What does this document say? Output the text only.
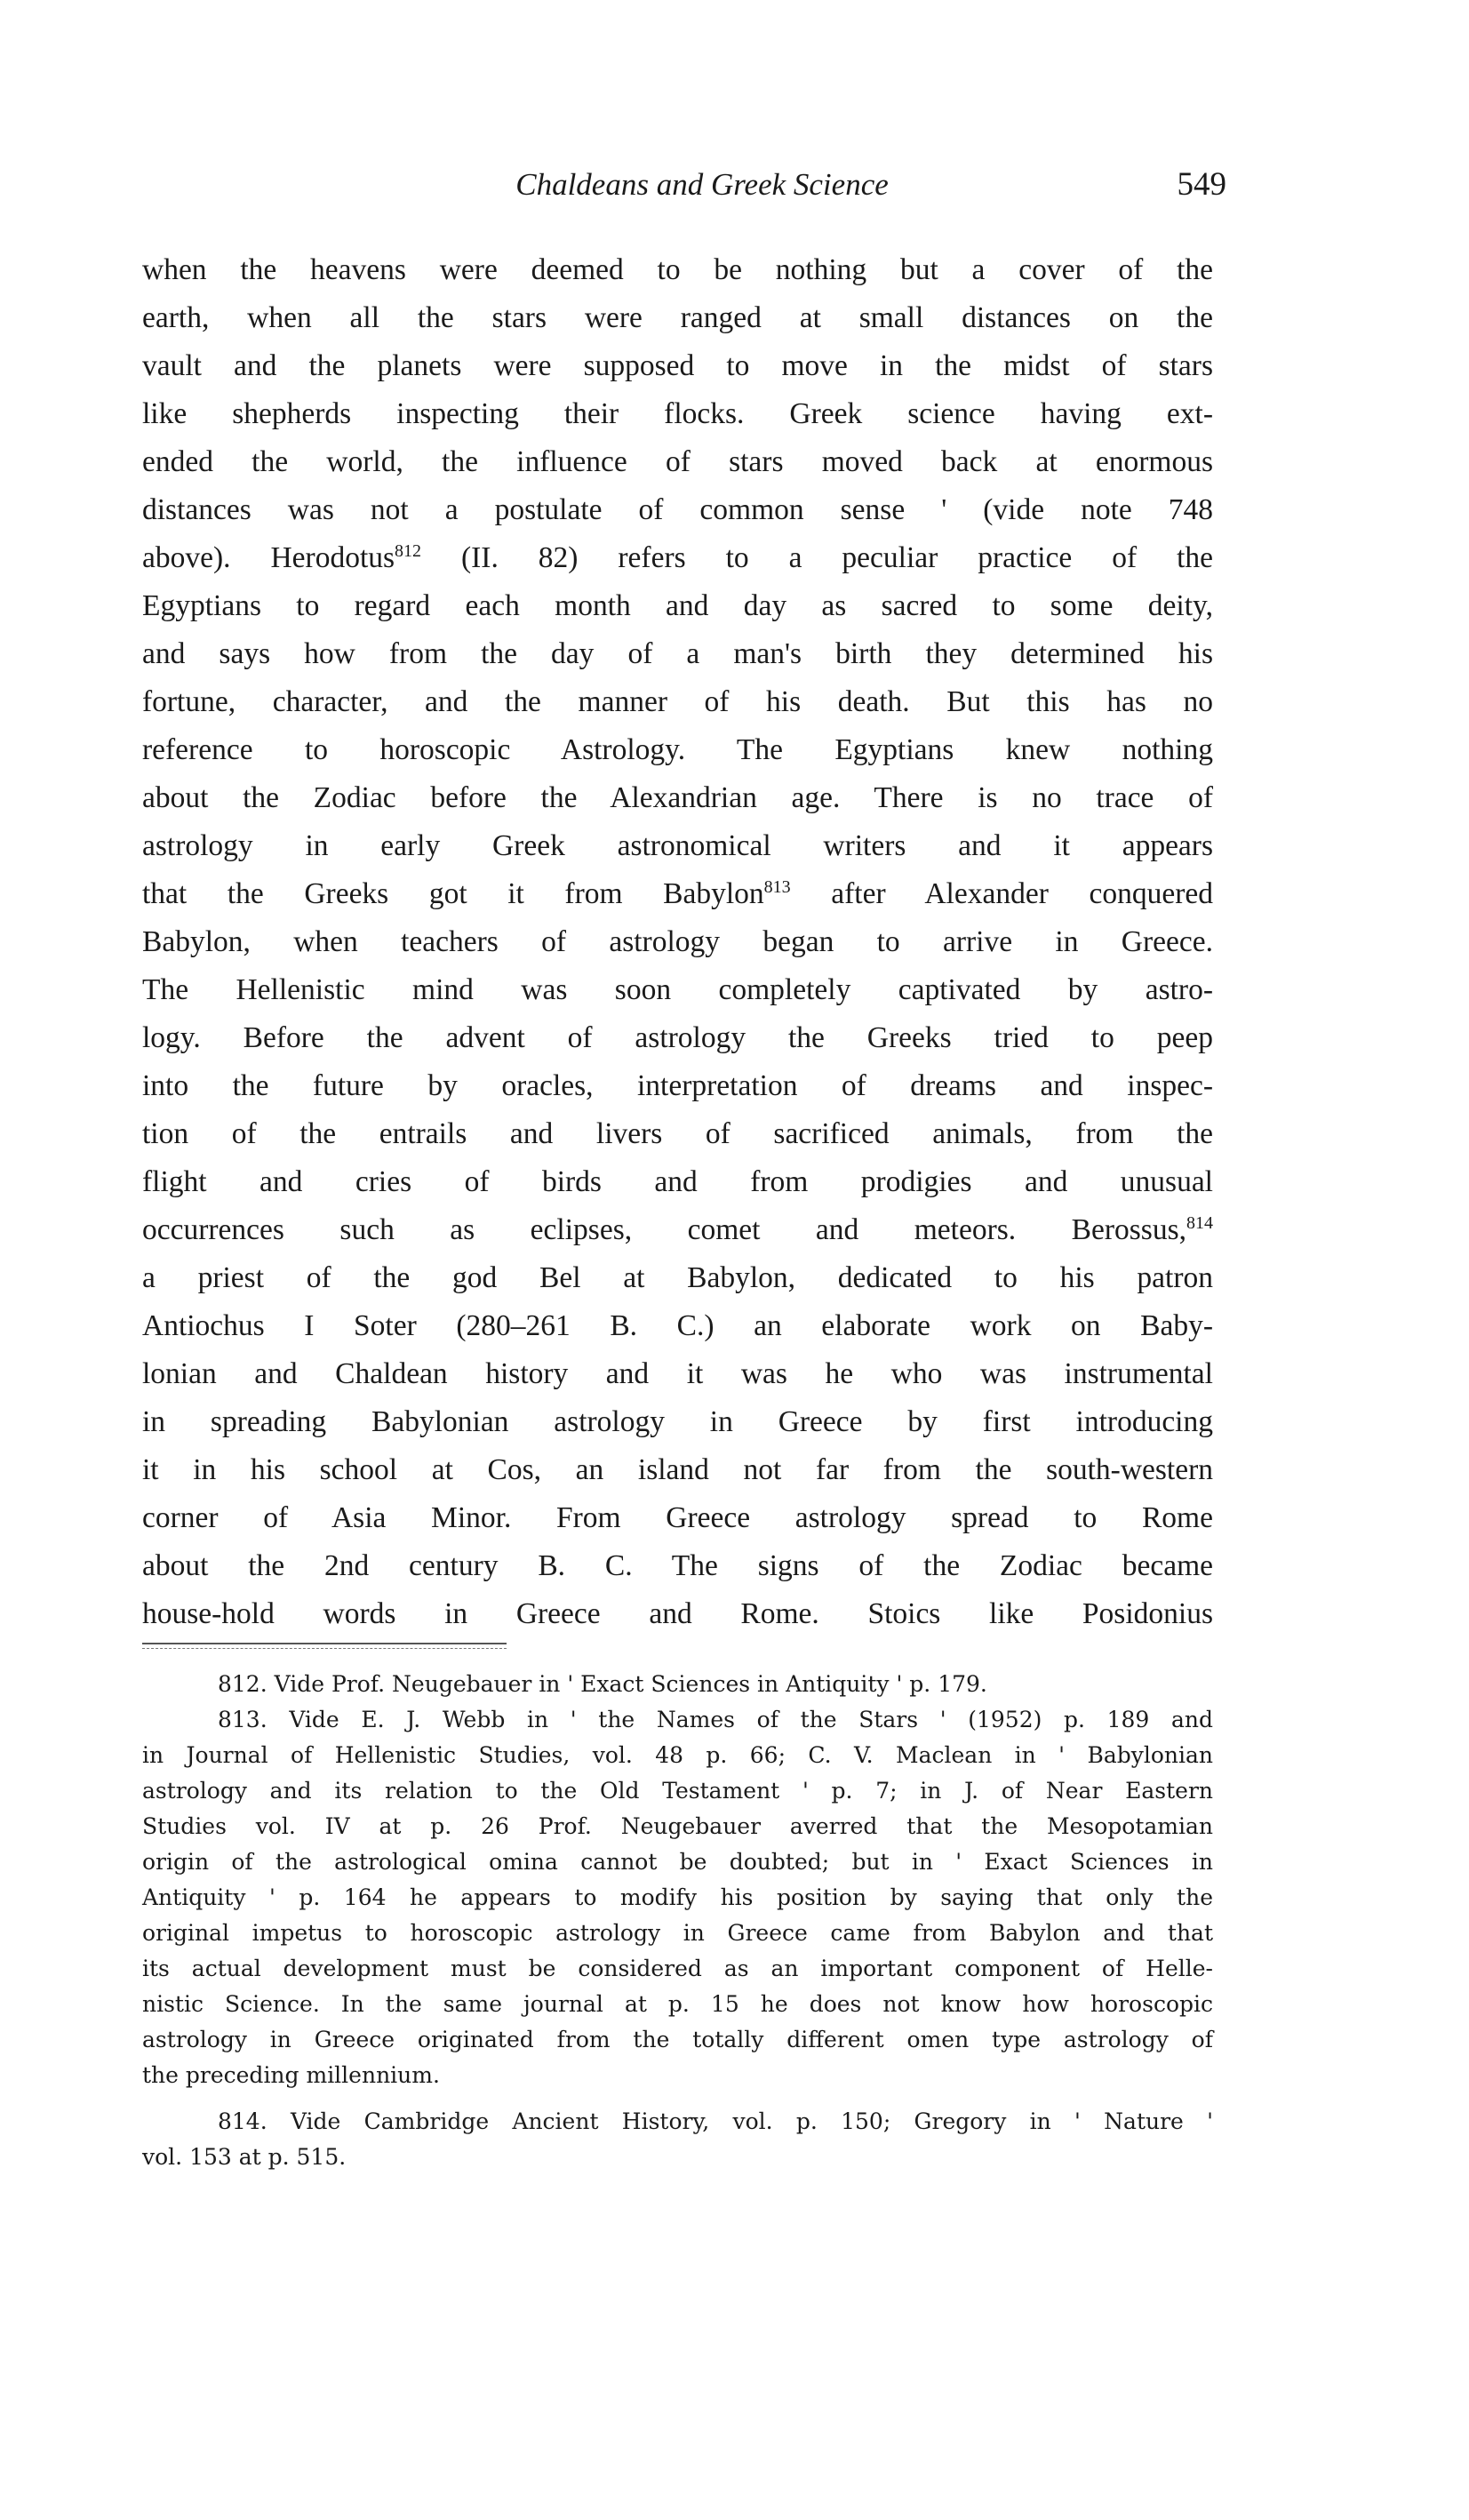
Chaldeans and Greek Science	549
when the heavens were deemed to be nothing but a cover of the
earth, when all the stars were ranged at small distances on the
vault and the planets were supposed to move in the midst of stars
like shepherds inspecting their flocks. Greek science having ext-
ended the world, the influence of stars moved back at enormous
distances was not a postulate of common sense ' (vide note 748
above). Herodotus$^{812}$ (II. 82) refers to a peculiar practice of the
Egyptians to regard each month and day as sacred to some deity,
and says how from the day of a man's birth they determined his
fortune, character, and the manner of his death. But this has no
reference to horoscopic Astrology. The Egyptians knew nothing
about the Zodiac before the Alexandrian age. There is no trace of
astrology in early Greek astronomical writers and it appears
that the Greeks got it from Babylon$^{813}$ after Alexander conquered
Babylon, when teachers of astrology began to arrive in Greece.
The Hellenistic mind was soon completely captivated by astro-
logy. Before the advent of astrology the Greeks tried to peep
into the future by oracles, interpretation of dreams and inspec-
tion of the entrails and livers of sacrificed animals, from the
flight and cries of birds and from prodigies and unusual
occurrences such as eclipses, comet and meteors. Berossus,$^{814}$
a priest of the god Bel at Babylon, dedicated to his patron
Antiochus I Soter (280–261 B. C.) an elaborate work on Baby-
lonian and Chaldean history and it was he who was instrumental
in spreading Babylonian astrology in Greece by first introducing
it in his school at Cos, an island not far from the south-western
corner of Asia Minor. From Greece astrology spread to Rome
about the 2nd century B. C. The signs of the Zodiac became
house-hold words in Greece and Rome. Stoics like Posidonius
812. Vide Prof. Neugebauer in ' Exact Sciences in Antiquity ' p. 179.
813. Vide E. J. Webb in ' the Names of the Stars ' (1952) p. 189 and
in Journal of Hellenistic Studies, vol. 48 p. 66; C. V. Maclean in ' Babylonian
astrology and its relation to the Old Testament ' p. 7; in J. of Near Eastern
Studies vol. IV at p. 26 Prof. Neugebauer averred that the Mesopotamian
origin of the astrological omina cannot be doubted; but in ' Exact Sciences in
Antiquity ' p. 164 he appears to modify his position by saying that only the
original impetus to horoscopic astrology in Greece came from Babylon and that
its actual development must be considered as an important component of Helle-
nistic Science. In the same journal at p. 15 he does not know how horoscopic
astrology in Greece originated from the totally different omen type astrology of
the preceding millennium.
814. Vide Cambridge Ancient History, vol. p. 150; Gregory in ' Nature '
vol. 153 at p. 515.
